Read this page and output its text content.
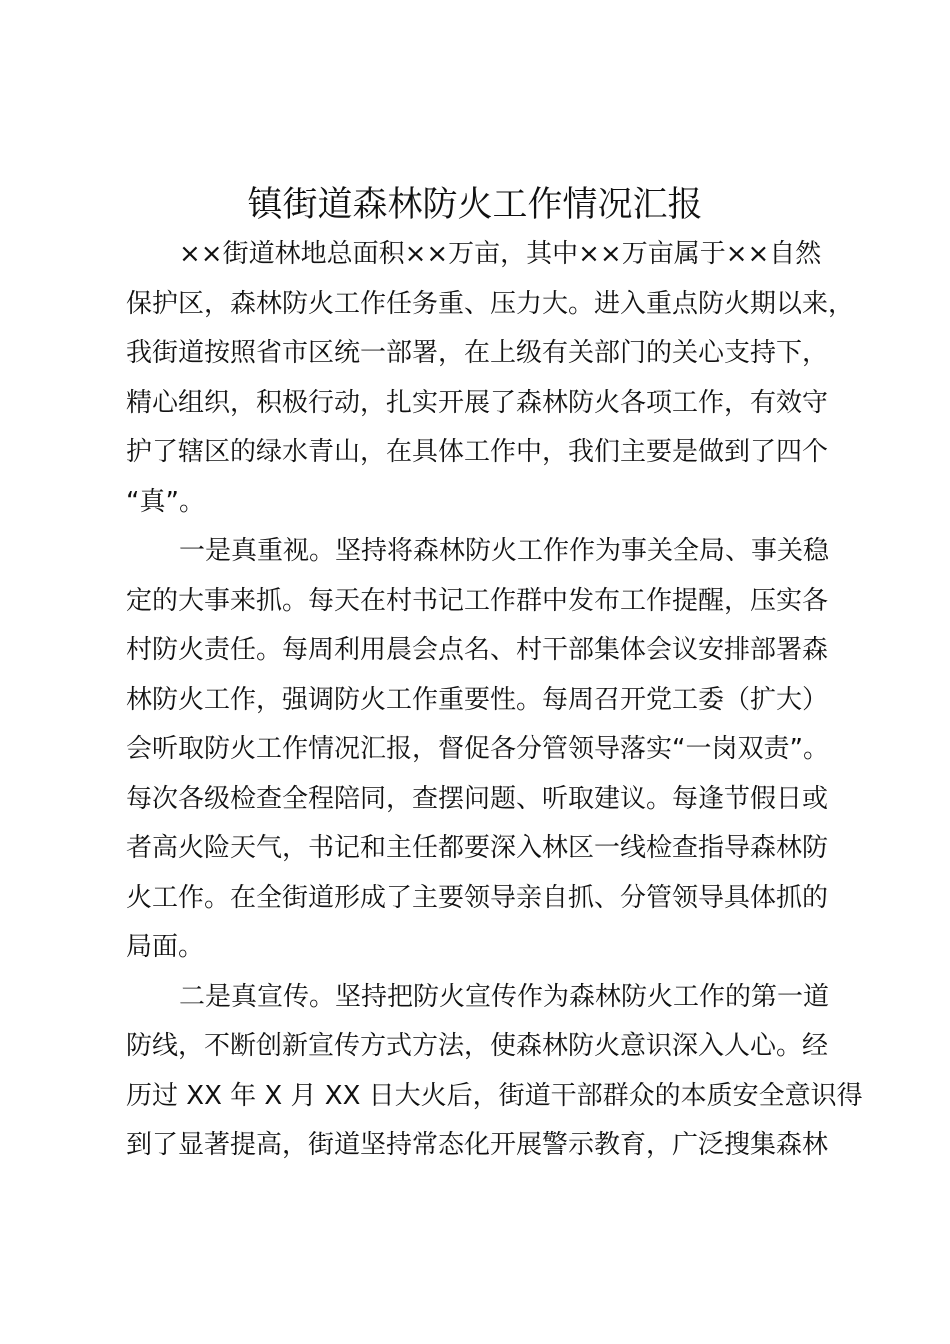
镇街道森林防火工作情况汇报
××街道林地总面积××万亩，其中××万亩属于××自然
保护区，森林防火工作任务重、压力大。进入重点防火期以来，
我街道按照省市区统一部署，在上级有关部门的关心支持下，
精心组织，积极行动，扎实开展了森林防火各项工作，有效守
护了辖区的绿水青山，在具体工作中，我们主要是做到了四个
“真”。
一是真重视。坚持将森林防火工作作为事关全局、事关稳
定的大事来抓。每天在村书记工作群中发布工作提醒，压实各
村防火责任。每周利用晨会点名、村干部集体会议安排部署森
林防火工作，强调防火工作重要性。每周召开党工委（扩大）
会听取防火工作情况汇报，督促各分管领导落实“一岗双责”。
每次各级检查全程陪同，查摆问题、听取建议。每逢节假日或
者高火险天气，书记和主任都要深入林区一线检查指导森林防
火工作。在全街道形成了主要领导亲自抓、分管领导具体抓的
局面。
二是真宣传。坚持把防火宣传作为森林防火工作的第一道
防线，不断创新宣传方式方法，使森林防火意识深入人心。经
历过 XX 年 X 月 XX 日大火后，街道干部群众的本质安全意识得
到了显著提高，街道坚持常态化开展警示教育，广泛搜集森林
